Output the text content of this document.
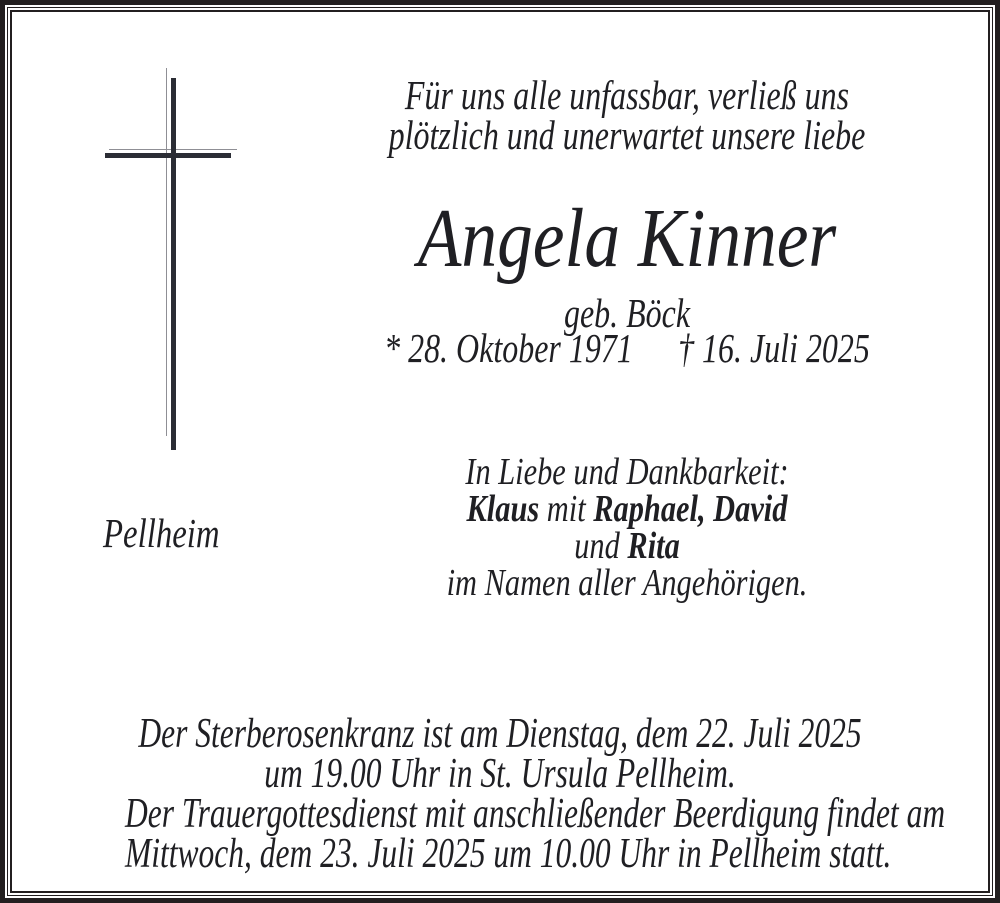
Für uns alle unfassbar, verließ uns
plötzlich und unerwartet unsere liebe
Angela Kinner
geb. Böck
* 28. Oktober 1971 † 16. Juli 2025
Pellheim
In Liebe und Dankbarkeit:
Klaus mit Raphael, David
und Rita
im Namen aller Angehörigen.
Der Sterberosenkranz ist am Dienstag, dem 22. Juli 2025
um 19.00 Uhr in St. Ursula Pellheim.
Der Trauergottesdienst mit anschließender Beerdigung findet am
Mittwoch, dem 23. Juli 2025 um 10.00 Uhr in Pellheim statt.
